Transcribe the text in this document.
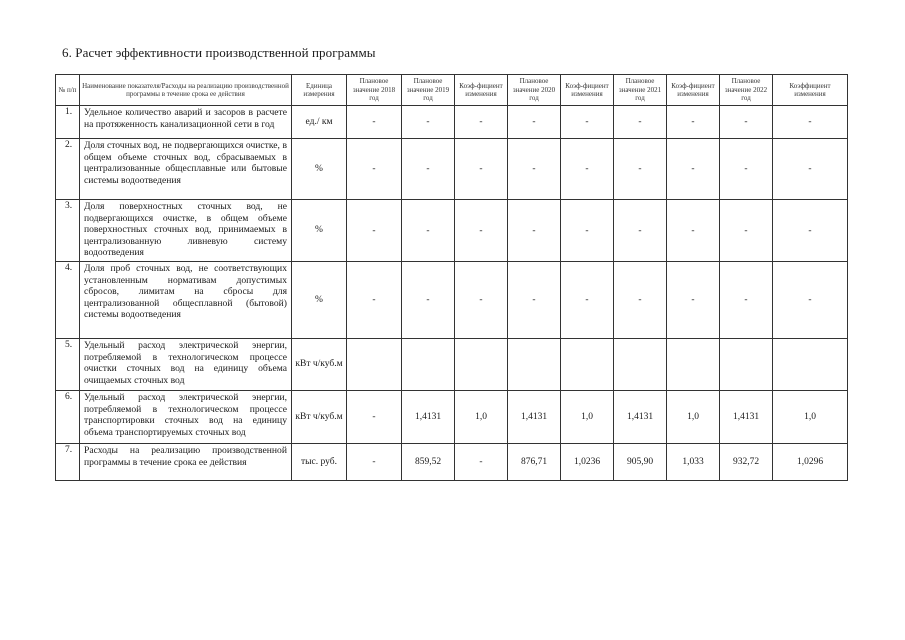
6. Расчет эффективности производственной программы
№ п/п	Наименование показателя/Расходы на реализацию производственной программы в течение срока ее действия	Единица измерения	Плановое значение 2018 год	Плановое значение 2019 год	Коэф-фициент изменения	Плановое значение 2020 год	Коэф-фициент изменения	Плановое значение 2021 год	Коэф-фициент изменения	Плановое значение 2022 год	Коэффициент изменения
1.	Удельное количество аварий и засоров в расчете на протяженность канализационной сети в год	ед./ км	-	-	-	-	-	-	-	-	-
2.	Доля сточных вод, не подвергающихся очистке, в общем объеме сточных вод, сбрасываемых в централизованные общесплавные или бытовые системы водоотведения	%	-	-	-	-	-	-	-	-	-
3.	Доля поверхностных сточных вод, не подвергающихся очистке, в общем объеме поверхностных сточных вод, принимаемых в централизованную ливневую систему водоотведения	%	-	-	-	-	-	-	-	-	-
4.	Доля проб сточных вод, не соответствующих установленным нормативам допустимых сбросов, лимитам на сбросы для централизованной общесплавной (бытовой) системы водоотведения	%	-	-	-	-	-	-	-	-	-
5.	Удельный расход электрической энергии, потребляемой в технологическом процессе очистки сточных вод на единицу объема очищаемых сточных вод	кВт ч/куб.м									
6.	Удельный расход электрической энергии, потребляемой в технологическом процессе транспортировки сточных вод на единицу объема транспортируемых сточных вод	кВт ч/куб.м	-	1,4131	1,0	1,4131	1,0	1,4131	1,0	1,4131	1,0
7.	Расходы на реализацию производственной программы в течение срока ее действия	тыс. руб.	-	859,52	-	876,71	1,0236	905,90	1,033	932,72	1,0296
